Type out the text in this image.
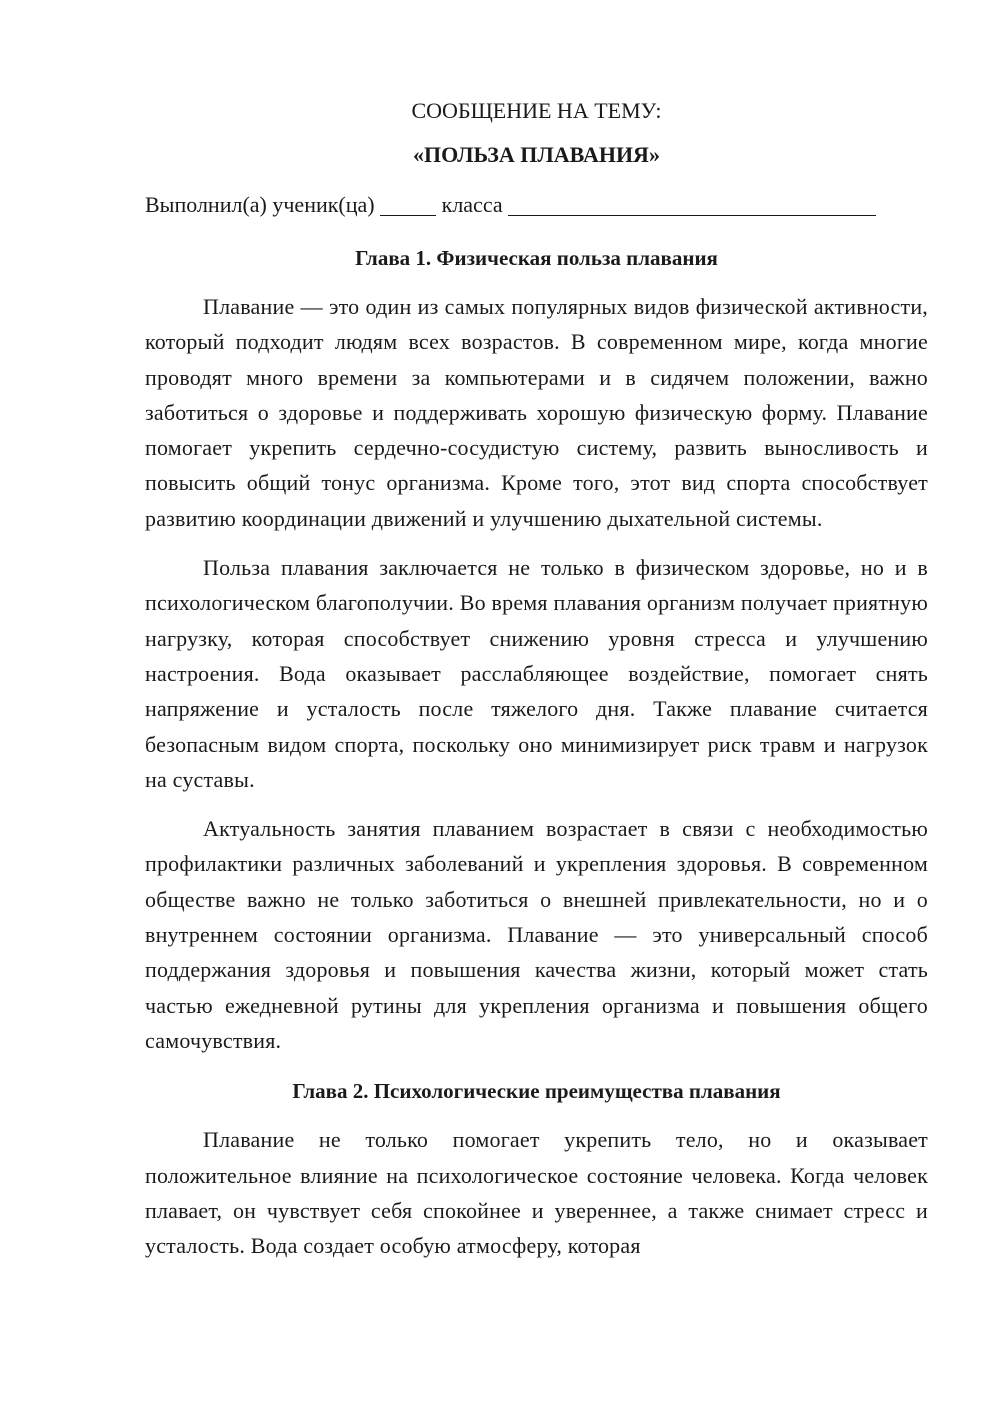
СООБЩЕНИЕ НА ТЕМУ:

«ПОЛЬЗА ПЛАВАНИЯ»

Выполнил(а) ученик(ца)	класса

Глава 1. Физическая польза плавания

Плавание — это один из самых популярных видов физической активности, который подходит людям всех возрастов. В современном мире, когда многие проводят много времени за компьютерами и в сидячем положении, важно заботиться о здоровье и поддерживать хорошую физическую форму. Плавание помогает укрепить сердечно-сосудистую систему, развить выносливость и повысить общий тонус организма. Кроме того, этот вид спорта способствует развитию координации движений и улучшению дыхательной системы.

Польза плавания заключается не только в физическом здоровье, но и в психологическом благополучии. Во время плавания организм получает приятную нагрузку, которая способствует снижению уровня стресса и улучшению настроения. Вода оказывает расслабляющее воздействие, помогает снять напряжение и усталость после тяжелого дня. Также плавание считается безопасным видом спорта, поскольку оно минимизирует риск травм и нагрузок на суставы.

Актуальность занятия плаванием возрастает в связи с необходимостью профилактики различных заболеваний и укрепления здоровья. В современном обществе важно не только заботиться о внешней привлекательности, но и о внутреннем состоянии организма. Плавание — это универсальный способ поддержания здоровья и повышения качества жизни, который может стать частью ежедневной рутины для укрепления организма и повышения общего самочувствия.

Глава 2. Психологические преимущества плавания

Плавание не только помогает укрепить тело, но и оказывает положительное влияние на психологическое состояние человека. Когда человек плавает, он чувствует себя спокойнее и увереннее, а также снимает стресс и усталость. Вода создает особую атмосферу, которая
